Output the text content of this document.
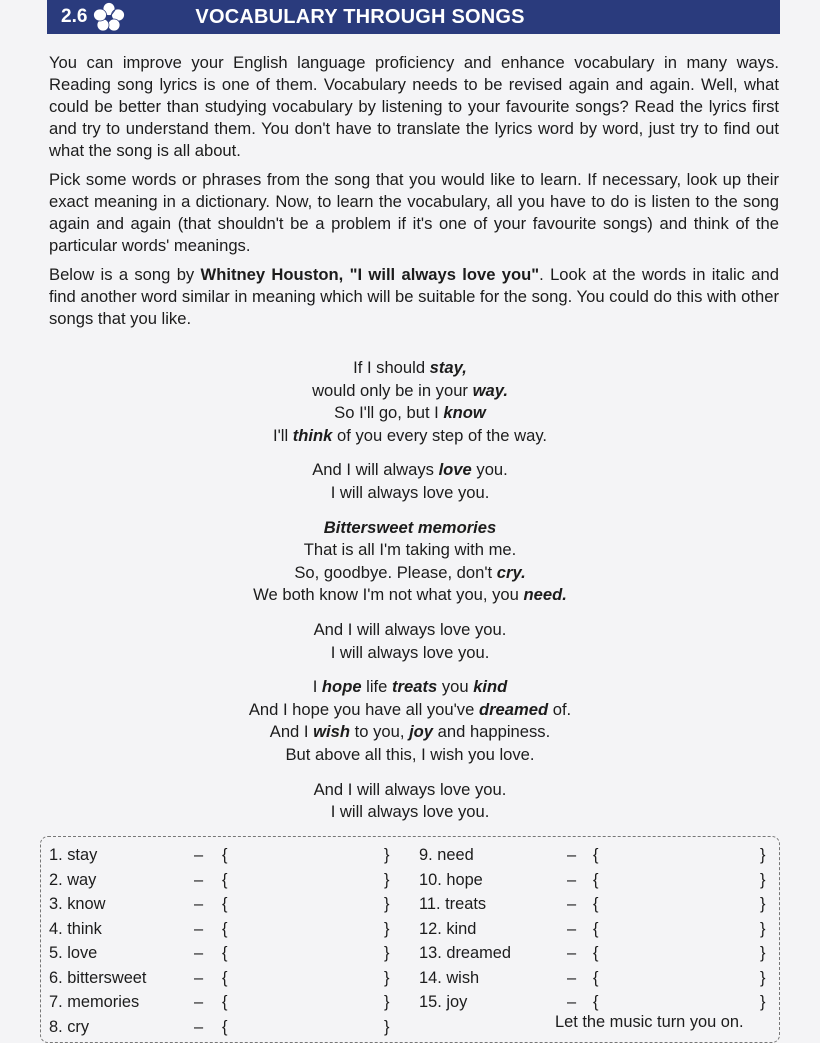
2.6	VOCABULARY THROUGH SONGS

You can improve your English language proficiency and enhance vocabulary in many ways. Reading song lyrics is one of them. Vocabulary needs to be revised again and again. Well, what could be better than studying vocabulary by listening to your favourite songs? Read the lyrics first and try to understand them. You don't have to translate the lyrics word by word, just try to find out what the song is all about.

Pick some words or phrases from the song that you would like to learn. If necessary, look up their exact meaning in a dictionary. Now, to learn the vocabulary, all you have to do is listen to the song again and again (that shouldn't be a problem if it's one of your favourite songs) and think of the particular words' meanings.

Below is a song by Whitney Houston, "I will always love you". Look at the words in italic and find another word similar in meaning which will be suitable for the song. You could do this with other songs that you like.

If I should stay,
would only be in your way.
So I'll go, but I know
I'll think of you every step of the way.
And I will always love you.
I will always love you.
Bittersweet memories
That is all I'm taking with me.
So, goodbye. Please, don't cry.
We both know I'm not what you, you need.
And I will always love you.
I will always love you.
I hope life treats you kind
And I hope you have all you've dreamed of.
And I wish to you, joy and happiness.
But above all this, I wish you love.
And I will always love you.
I will always love you.
Let the music turn you on.
1. stay	– {	}
2. way	– {	}
3. know	– {	}
4. think	– {	}
5. love	– {	}
6. bittersweet	– {	}
7. memories	– {	}
8. cry	– {	}
9. need	– {	}
10. hope	– {	}
11. treats	– {	}
12. kind	– {	}
13. dreamed	– {	}
14. wish	– {	}
15. joy	– {	}
